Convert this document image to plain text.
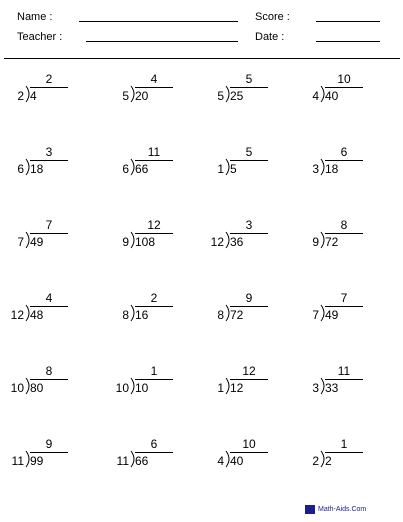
Name :
Teacher :
Score :
Date :
2
2 4
4
5 20
5
5 25
10
4 40
3
6 18
11
6 66
5
1 5
6
3 18
7
7 49
12
9 108
3
12 36
8
9 72
4
12 48
2
8 16
9
8 72
7
7 49
8
10 80
1
10 10
12
1 12
11
3 33
9
11 99
6
11 66
10
4 40
1
2 2
Math-Aids.Com
